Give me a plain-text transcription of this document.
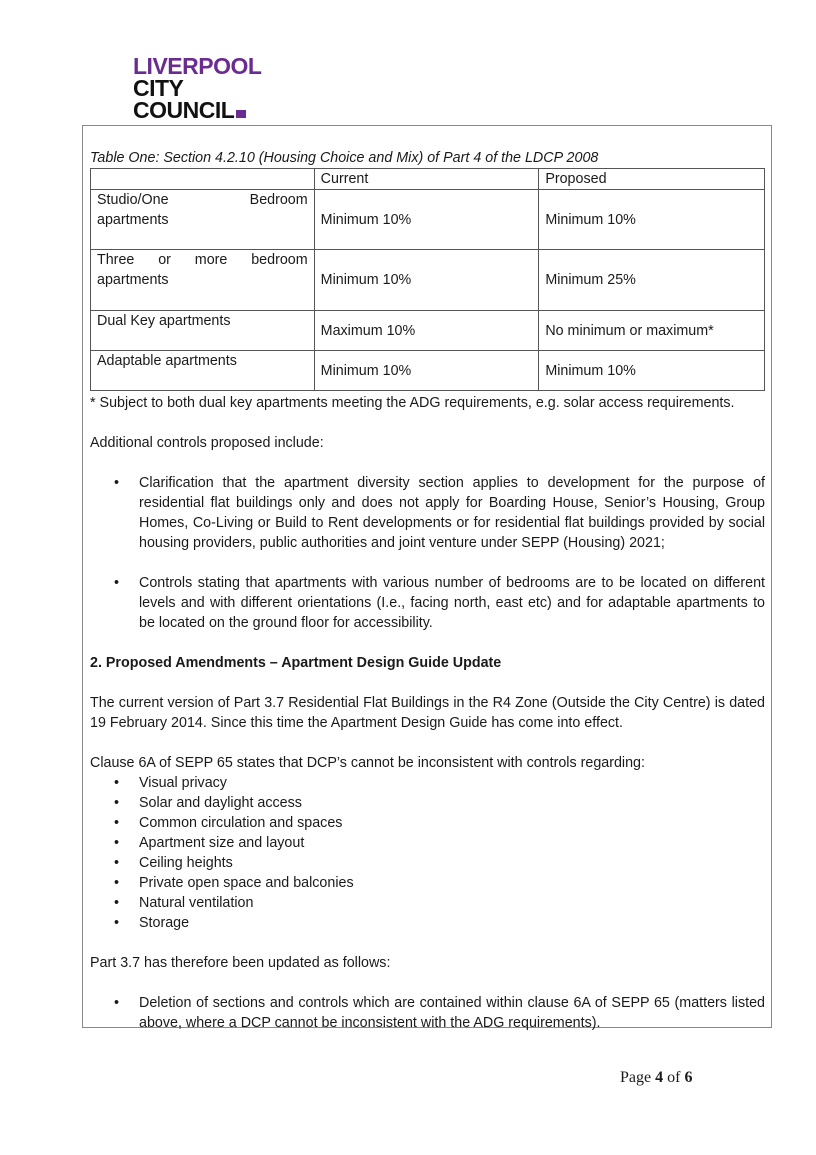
LIVERPOOL
CITY
COUNCIL

Table One: Section 4.2.10 (Housing Choice and Mix) of Part 4 of the LDCP 2008

	Current	Proposed

Studio/One Bedroom
apartments	Minimum 10%	Minimum 10%

Three or more bedroom
apartments	Minimum 10%	Minimum 25%

Dual Key apartments	Maximum 10%	No minimum or maximum*

Adaptable apartments	Minimum 10%	Minimum 10%

* Subject to both dual key apartments meeting the ADG requirements, e.g. solar access requirements.

Additional controls proposed include:

• Clarification that the apartment diversity section applies to development for the purpose of residential flat buildings only and does not apply for Boarding House, Senior’s Housing, Group Homes, Co-Living or Build to Rent developments or for residential flat buildings provided by social housing providers, public authorities and joint venture under SEPP (Housing) 2021;
• Controls stating that apartments with various number of bedrooms are to be located on different levels and with different orientations (I.e., facing north, east etc) and for adaptable apartments to be located on the ground floor for accessibility.
2. Proposed Amendments – Apartment Design Guide Update

The current version of Part 3.7 Residential Flat Buildings in the R4 Zone (Outside the City Centre) is dated 19 February 2014. Since this time the Apartment Design Guide has come into effect.

Clause 6A of SEPP 65 states that DCP’s cannot be inconsistent with controls regarding:

• Visual privacy
• Solar and daylight access
• Common circulation and spaces
• Apartment size and layout
• Ceiling heights
• Private open space and balconies
• Natural ventilation
• Storage

Part 3.7 has therefore been updated as follows:

• Deletion of sections and controls which are contained within clause 6A of SEPP 65 (matters listed above, where a DCP cannot be inconsistent with the ADG requirements).
Page 4 of 6
